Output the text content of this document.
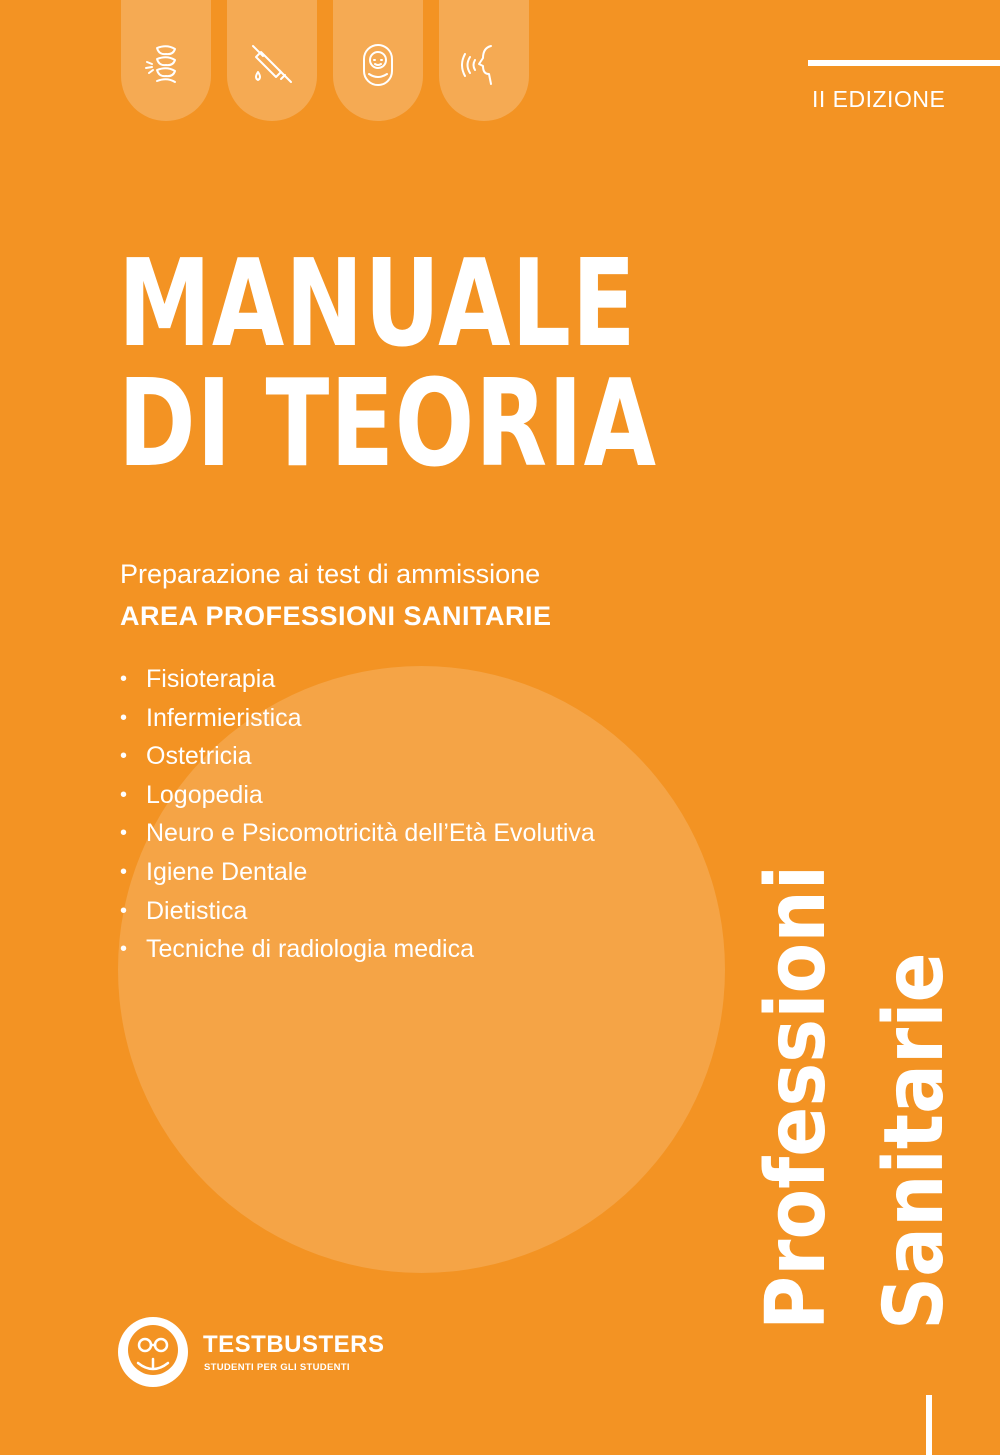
II EDIZIONE
MANUALE
DI TEORIA
Preparazione ai test di ammissione
AREA PROFESSIONI SANITARIE
• Fisioterapia
• Infermieristica
• Ostetricia
• Logopedia
• Neuro e Psicomotricità dell’Età Evolutiva
• Igiene Dentale
• Dietistica
• Tecniche di radiologia medica	Professioni Sanitarie
TESTBUSTERS
STUDENTI PER GLI STUDENTI
